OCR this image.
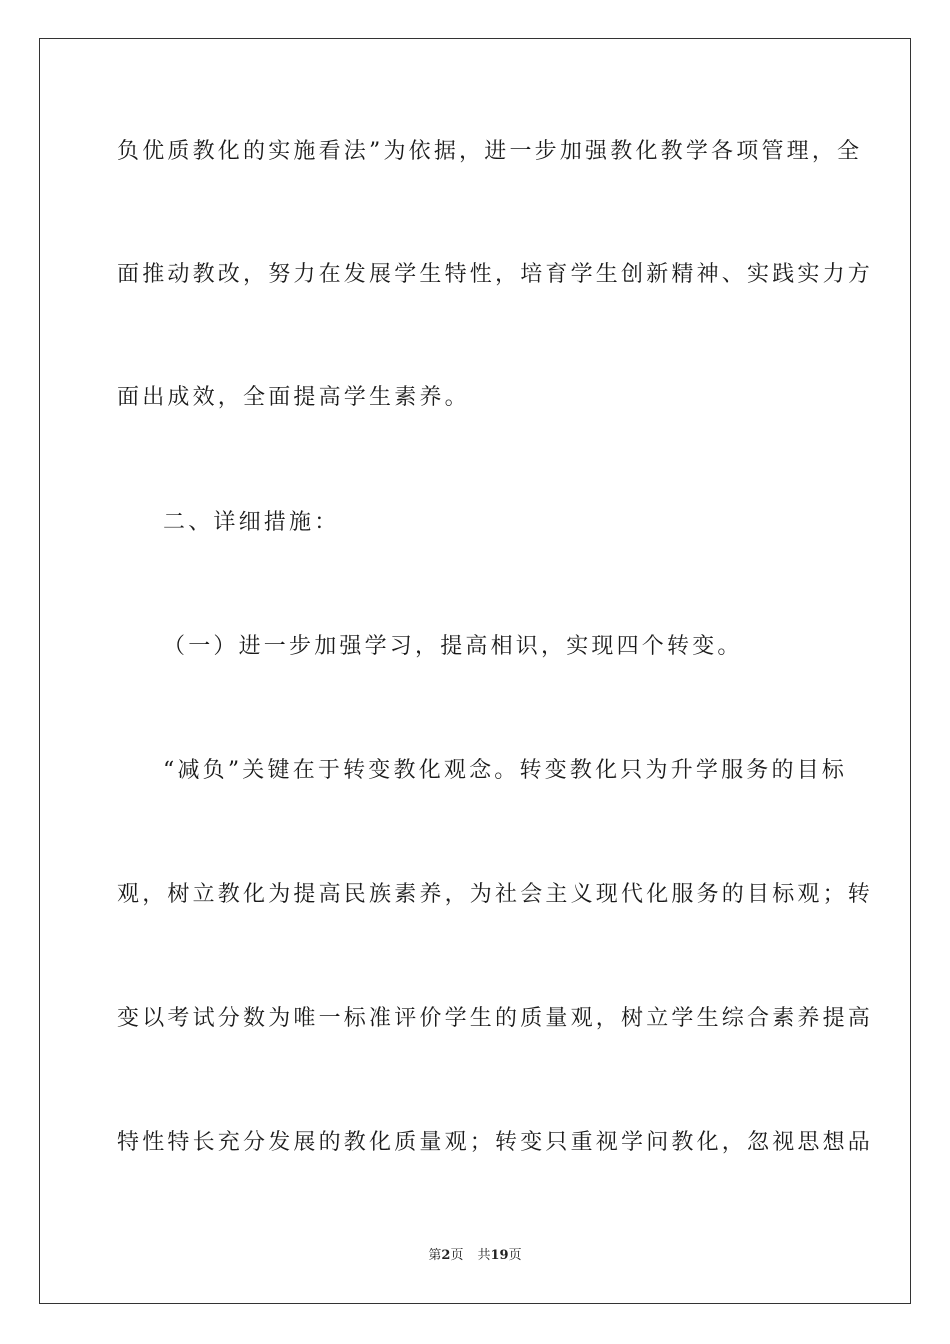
负优质教化的实施看法”为依据，进一步加强教化教学各项管理，全
面推动教改，努力在发展学生特性，培育学生创新精神、实践实力方
面出成效，全面提高学生素养。
二、详细措施：
（一）进一步加强学习，提高相识，实现四个转变。
“减负”关键在于转变教化观念。转变教化只为升学服务的目标
观，树立教化为提高民族素养，为社会主义现代化服务的目标观；转
变以考试分数为唯一标准评价学生的质量观，树立学生综合素养提高
特性特长充分发展的教化质量观；转变只重视学问教化，忽视思想品
第2页 共19页
